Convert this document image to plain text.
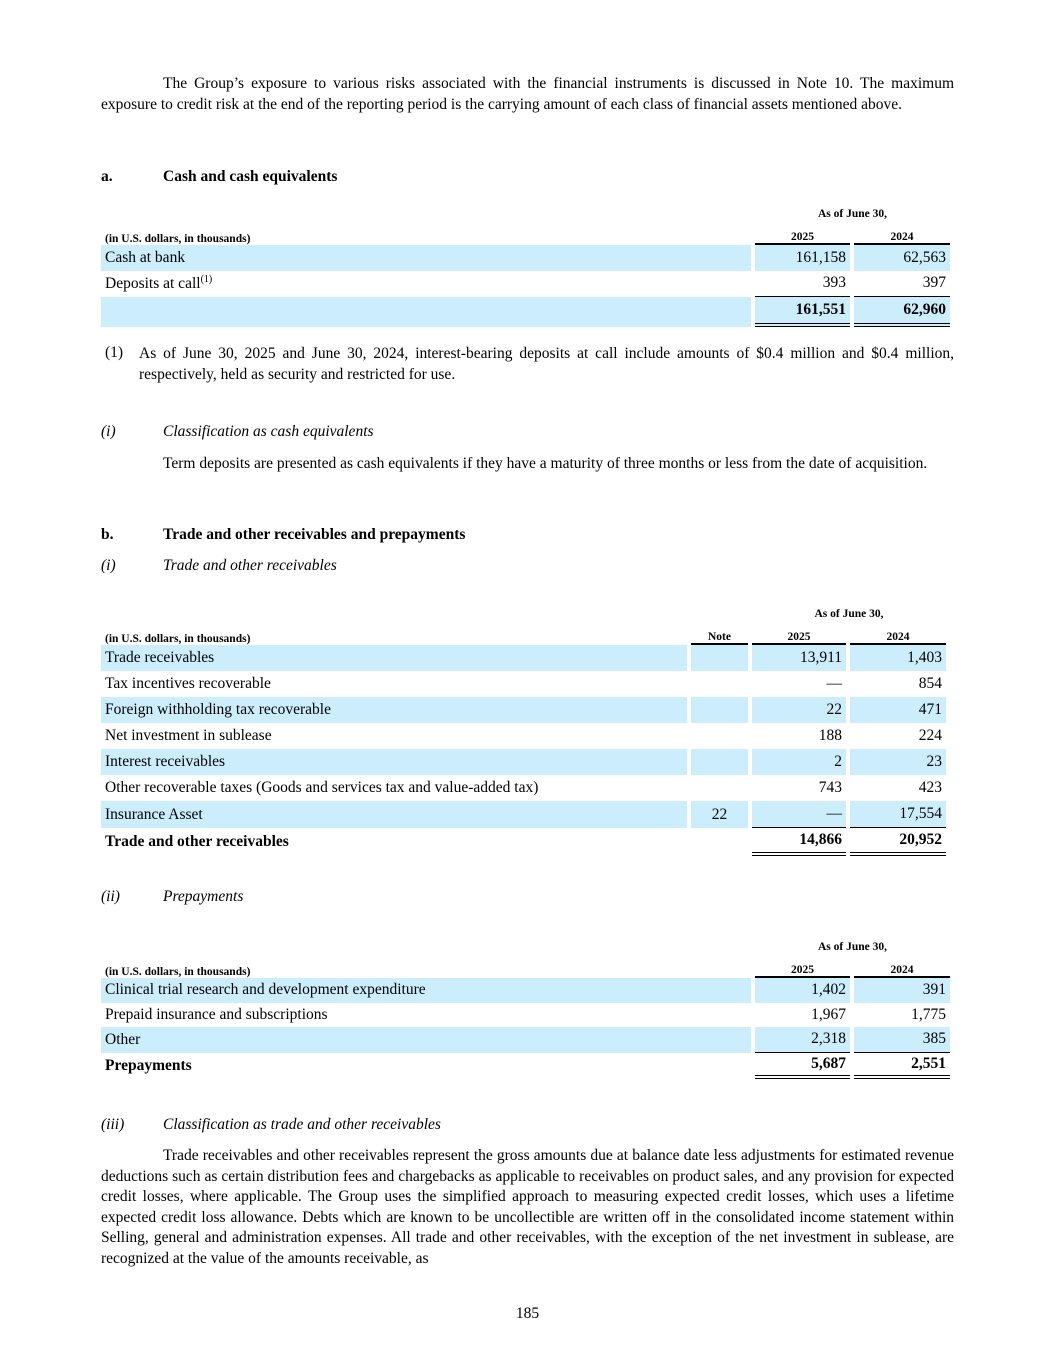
The Group’s exposure to various risks associated with the financial instruments is discussed in Note 10. The maximum exposure to credit risk at the end of the reporting period is the carrying amount of each class of financial assets mentioned above.

a.	Cash and cash equivalents
	As of June 30,	
(in U.S. dollars, in thousands)	2025	2024
Cash at bank	161,158	62,563
Deposits at call$^{(1)}$	393	397
	161,551	62,960
(1)	As of June 30, 2025 and June 30, 2024, interest-bearing deposits at call include amounts of $0.4 million and $0.4 million, respectively, held as security and restricted for use.

(i)	Classification as cash equivalents

Term deposits are presented as cash equivalents if they have a maturity of three months or less from the date of acquisition.

b.	Trade and other receivables and prepayments
(i)	Trade and other receivables
		As of June 30,	
(in U.S. dollars, in thousands)	Note	2025	2024
Trade receivables		13,911	1,403
Tax incentives recoverable		—	854
Foreign withholding tax recoverable		22	471
Net investment in sublease		188	224
Interest receivables		2	23
Other recoverable taxes (Goods and services tax and value-added tax)		743	423
Insurance Asset	22	—	17,554
Trade and other receivables		14,866	20,952
(ii)	Prepayments
	As of June 30,	
(in U.S. dollars, in thousands)	2025	2024
Clinical trial research and development expenditure	1,402	391
Prepaid insurance and subscriptions	1,967	1,775
Other	2,318	385
Prepayments	5,687	2,551
(iii)	Classification as trade and other receivables

Trade receivables and other receivables represent the gross amounts due at balance date less adjustments for estimated revenue deductions such as certain distribution fees and chargebacks as applicable to receivables on product sales, and any provision for expected credit losses, where applicable. The Group uses the simplified approach to measuring expected credit losses, which uses a lifetime expected credit loss allowance. Debts which are known to be uncollectible are written off in the consolidated income statement within Selling, general and administration expenses. All trade and other receivables, with the exception of the net investment in sublease, are recognized at the value of the amounts receivable, as

185
